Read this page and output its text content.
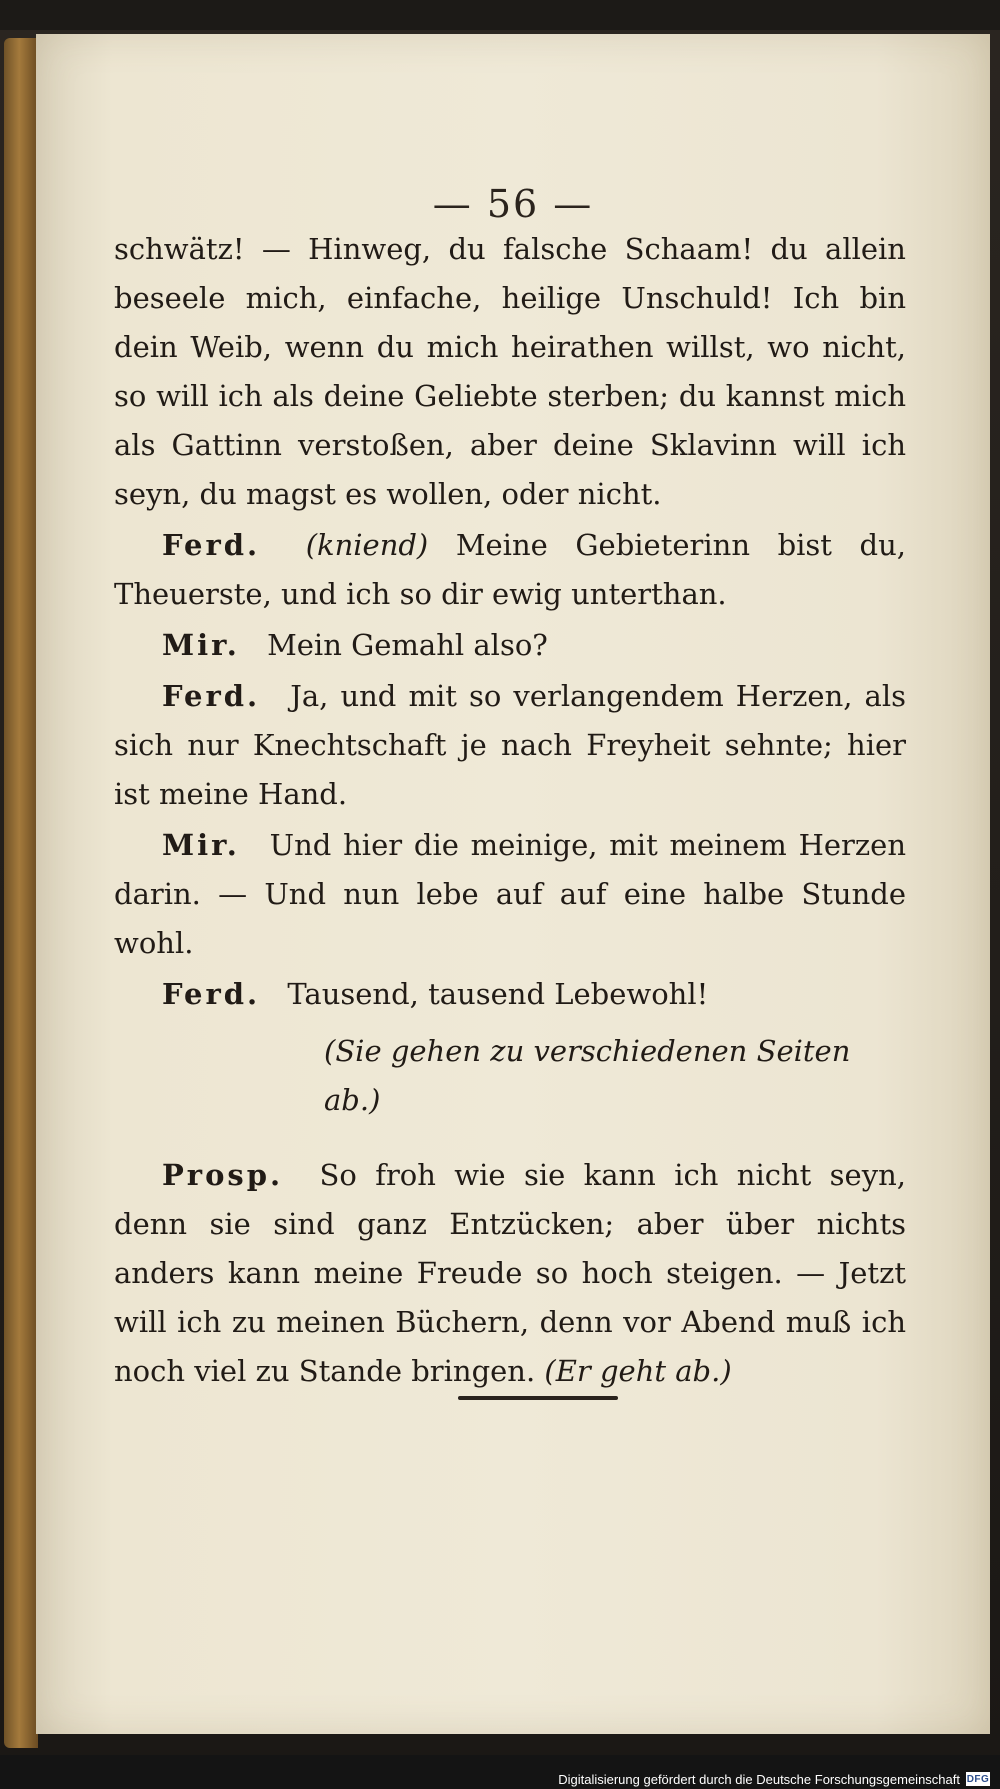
— 56 —

schwätz! — Hinweg, du falsche Schaam! du allein beseele mich, einfache, heilige Unschuld! Ich bin dein Weib, wenn du mich heirathen willst, wo nicht, so will ich als deine Geliebte sterben; du kannst mich als Gattinn verstoßen, aber deine Sklavinn will ich seyn, du magst es wollen, oder nicht.

Ferd. (kniend) Meine Gebieterinn bist du, Theuerste, und ich so dir ewig unterthan.

Mir. Mein Gemahl also?

Ferd. Ja, und mit so verlangendem Herzen, als sich nur Knechtschaft je nach Freyheit sehnte; hier ist meine Hand.

Mir. Und hier die meinige, mit meinem Herzen darin. — Und nun lebe auf auf eine halbe Stunde wohl.

Ferd. Tausend, tausend Lebewohl!

(Sie gehen zu verschiedenen Seiten ab.)

Prosp. So froh wie sie kann ich nicht seyn, denn sie sind ganz Entzücken; aber über nichts anders kann meine Freude so hoch steigen. — Jetzt will ich zu meinen Büchern, denn vor Abend muß ich noch viel zu Stande bringen. (Er geht ab.)

Digitalisierung gefördert durch die Deutsche Forschungsgemeinschaft DFG
